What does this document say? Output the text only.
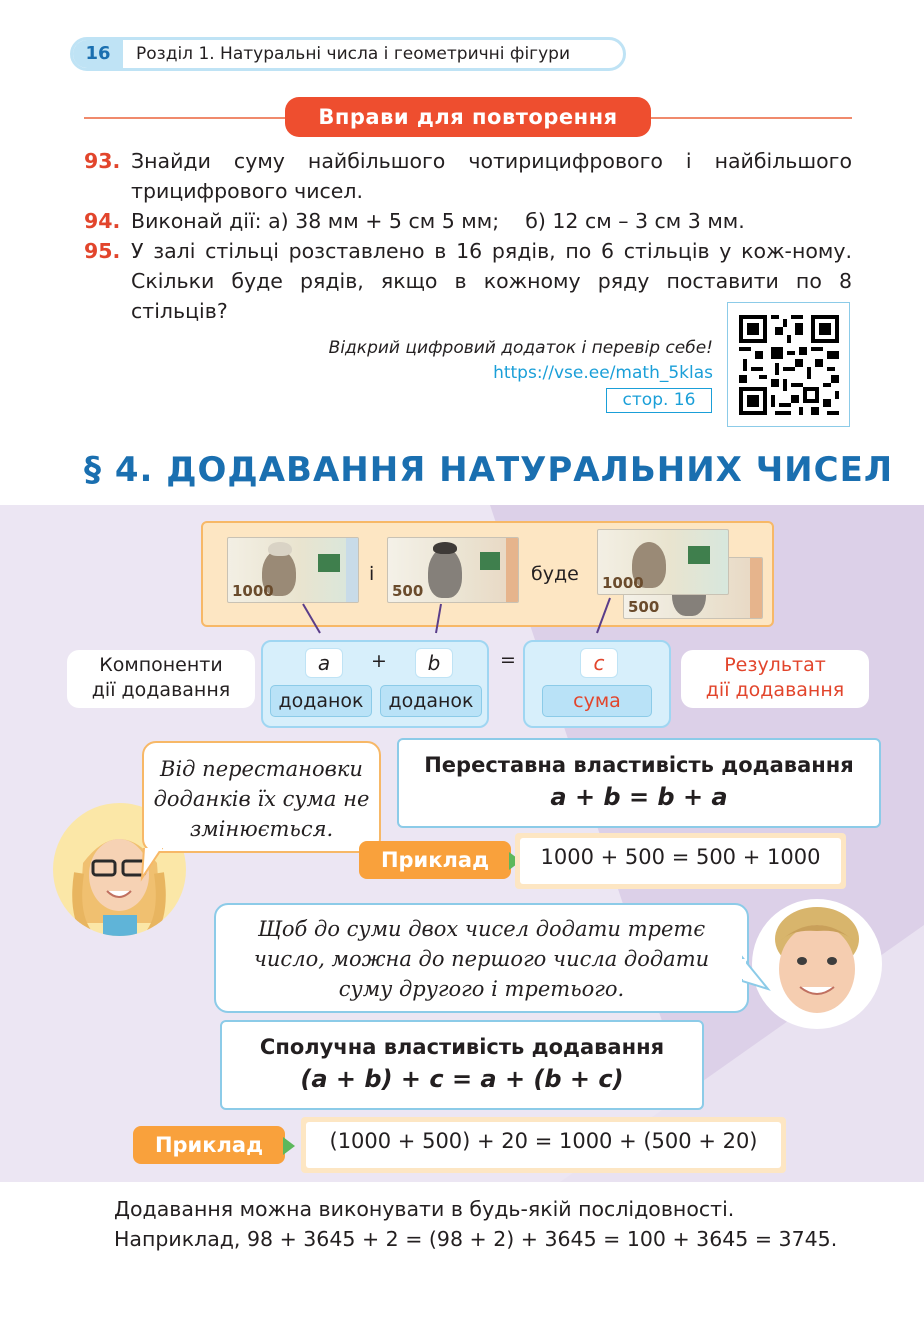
16	Розділ 1. Натуральні числа і геометричні фігури
Вправи для повторення
93. Знайди суму найбільшого чотирицифрового і найбільшого трицифрового чисел.
94. Виконай дії: а) 38 мм + 5 см 5 мм;    б) 12 см – 3 см 3 мм.
95. У залі стільці розставлено в 16 рядів, по 6 стільців у кож-ному. Скільки буде рядів, якщо в кожному ряду поставити по 8 стільців?
Відкрий цифровий додаток і перевір себе!
https://vse.ee/math_5klas
стор. 16
§ 4. ДОДАВАННЯ НАТУРАЛЬНИХ ЧИСЕЛ
1000
і
500
буде
500
1000
Компоненти
дії додавання
a	+	b
доданок	доданок
=	c
сума
Результат
дії додавання
Від перестановки доданків їх сума не змінюється.
Переставна властивість додавання
a + b = b + a
Приклад	1000 + 500 = 500 + 1000
Щоб до суми двох чисел додати третє число, можна до першого числа додати суму другого і третього.
Сполучна властивість додавання
(a + b) + c = a + (b + c)
Приклад	(1000 + 500) + 20 = 1000 + (500 + 20)
Додавання можна виконувати в будь-якій послідовності.
Наприклад, 98 + 3645 + 2 = (98 + 2) + 3645 = 100 + 3645 = 3745.
